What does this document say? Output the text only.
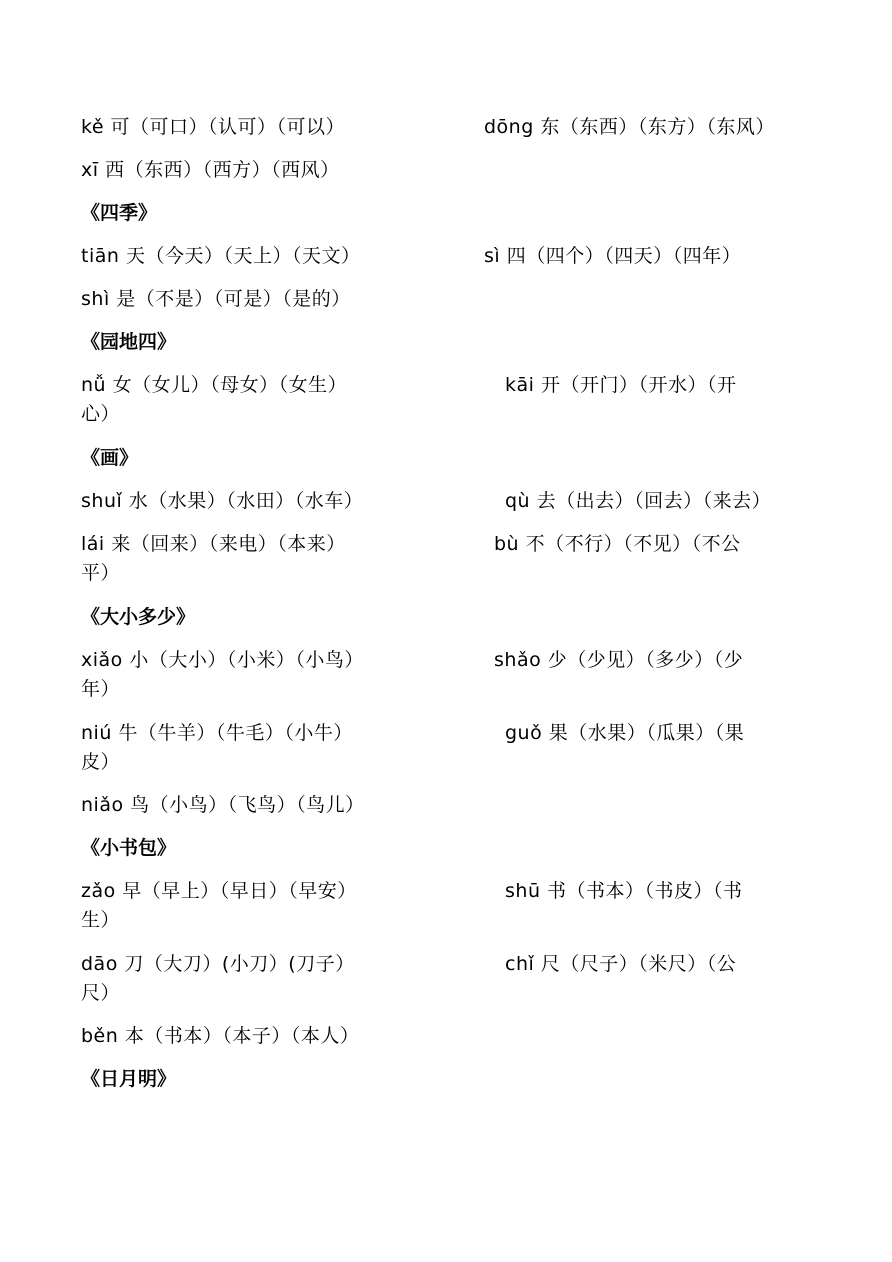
kě 可（可口）（认可）（可以）	dōng 东（东西）（东方）（东风）
xī 西（东西）（西方）（西风）
《四季》
tiān 天（今天）（天上）（天文）	sì 四（四个）（四天）（四年）
shì 是（不是）（可是）（是的）
《园地四》
nǚ 女（女儿）（母女）（女生）	kāi 开（开门）（开水）（开
心）
《画》
shuǐ 水（水果）（水田）（水车）	qù 去（出去）（回去）（来去）
lái 来（回来）（来电）（本来）	bù 不（不行）（不见）（不公
平）
《大小多少》
xiǎo 小（大小）（小米）（小鸟）	shǎo 少（少见）（多少）（少
年）
niú 牛（牛羊）（牛毛）（小牛）	guǒ 果（水果）（瓜果）（果
皮）
niǎo 鸟（小鸟）（飞鸟）（鸟儿）
《小书包》
zǎo 早（早上）（早日）（早安）	shū 书（书本）（书皮）（书
生）
dāo 刀（大刀）(小刀）(刀子）	chǐ 尺（尺子）（米尺）（公
尺）
běn 本（书本）（本子）（本人）
《日月明》
